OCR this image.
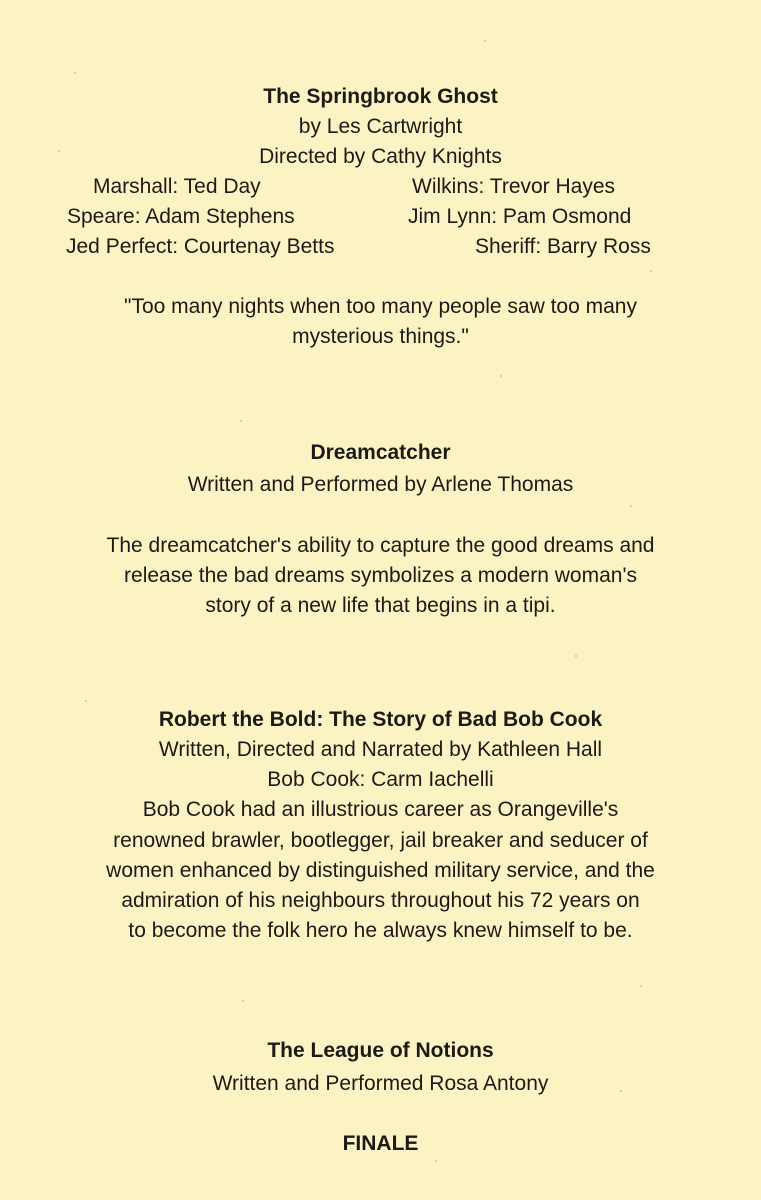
The Springbrook Ghost
by Les Cartwright
Directed by Cathy Knights
Marshall: Ted Day	Wilkins: Trevor Hayes
Speare: Adam Stephens	Jim Lynn: Pam Osmond
Jed Perfect: Courtenay Betts	Sheriff: Barry Ross
"Too many nights when too many people saw too many
mysterious things."
Dreamcatcher
Written and Performed by Arlene Thomas
The dreamcatcher's ability to capture the good dreams and
release the bad dreams symbolizes a modern woman's
story of a new life that begins in a tipi.
Robert the Bold: The Story of Bad Bob Cook
Written, Directed and Narrated by Kathleen Hall
Bob Cook: Carm Iachelli
Bob Cook had an illustrious career as Orangeville's
renowned brawler, bootlegger, jail breaker and seducer of
women enhanced by distinguished military service, and the
admiration of his neighbours throughout his 72 years on
to become the folk hero he always knew himself to be.
The League of Notions
Written and Performed Rosa Antony
FINALE
